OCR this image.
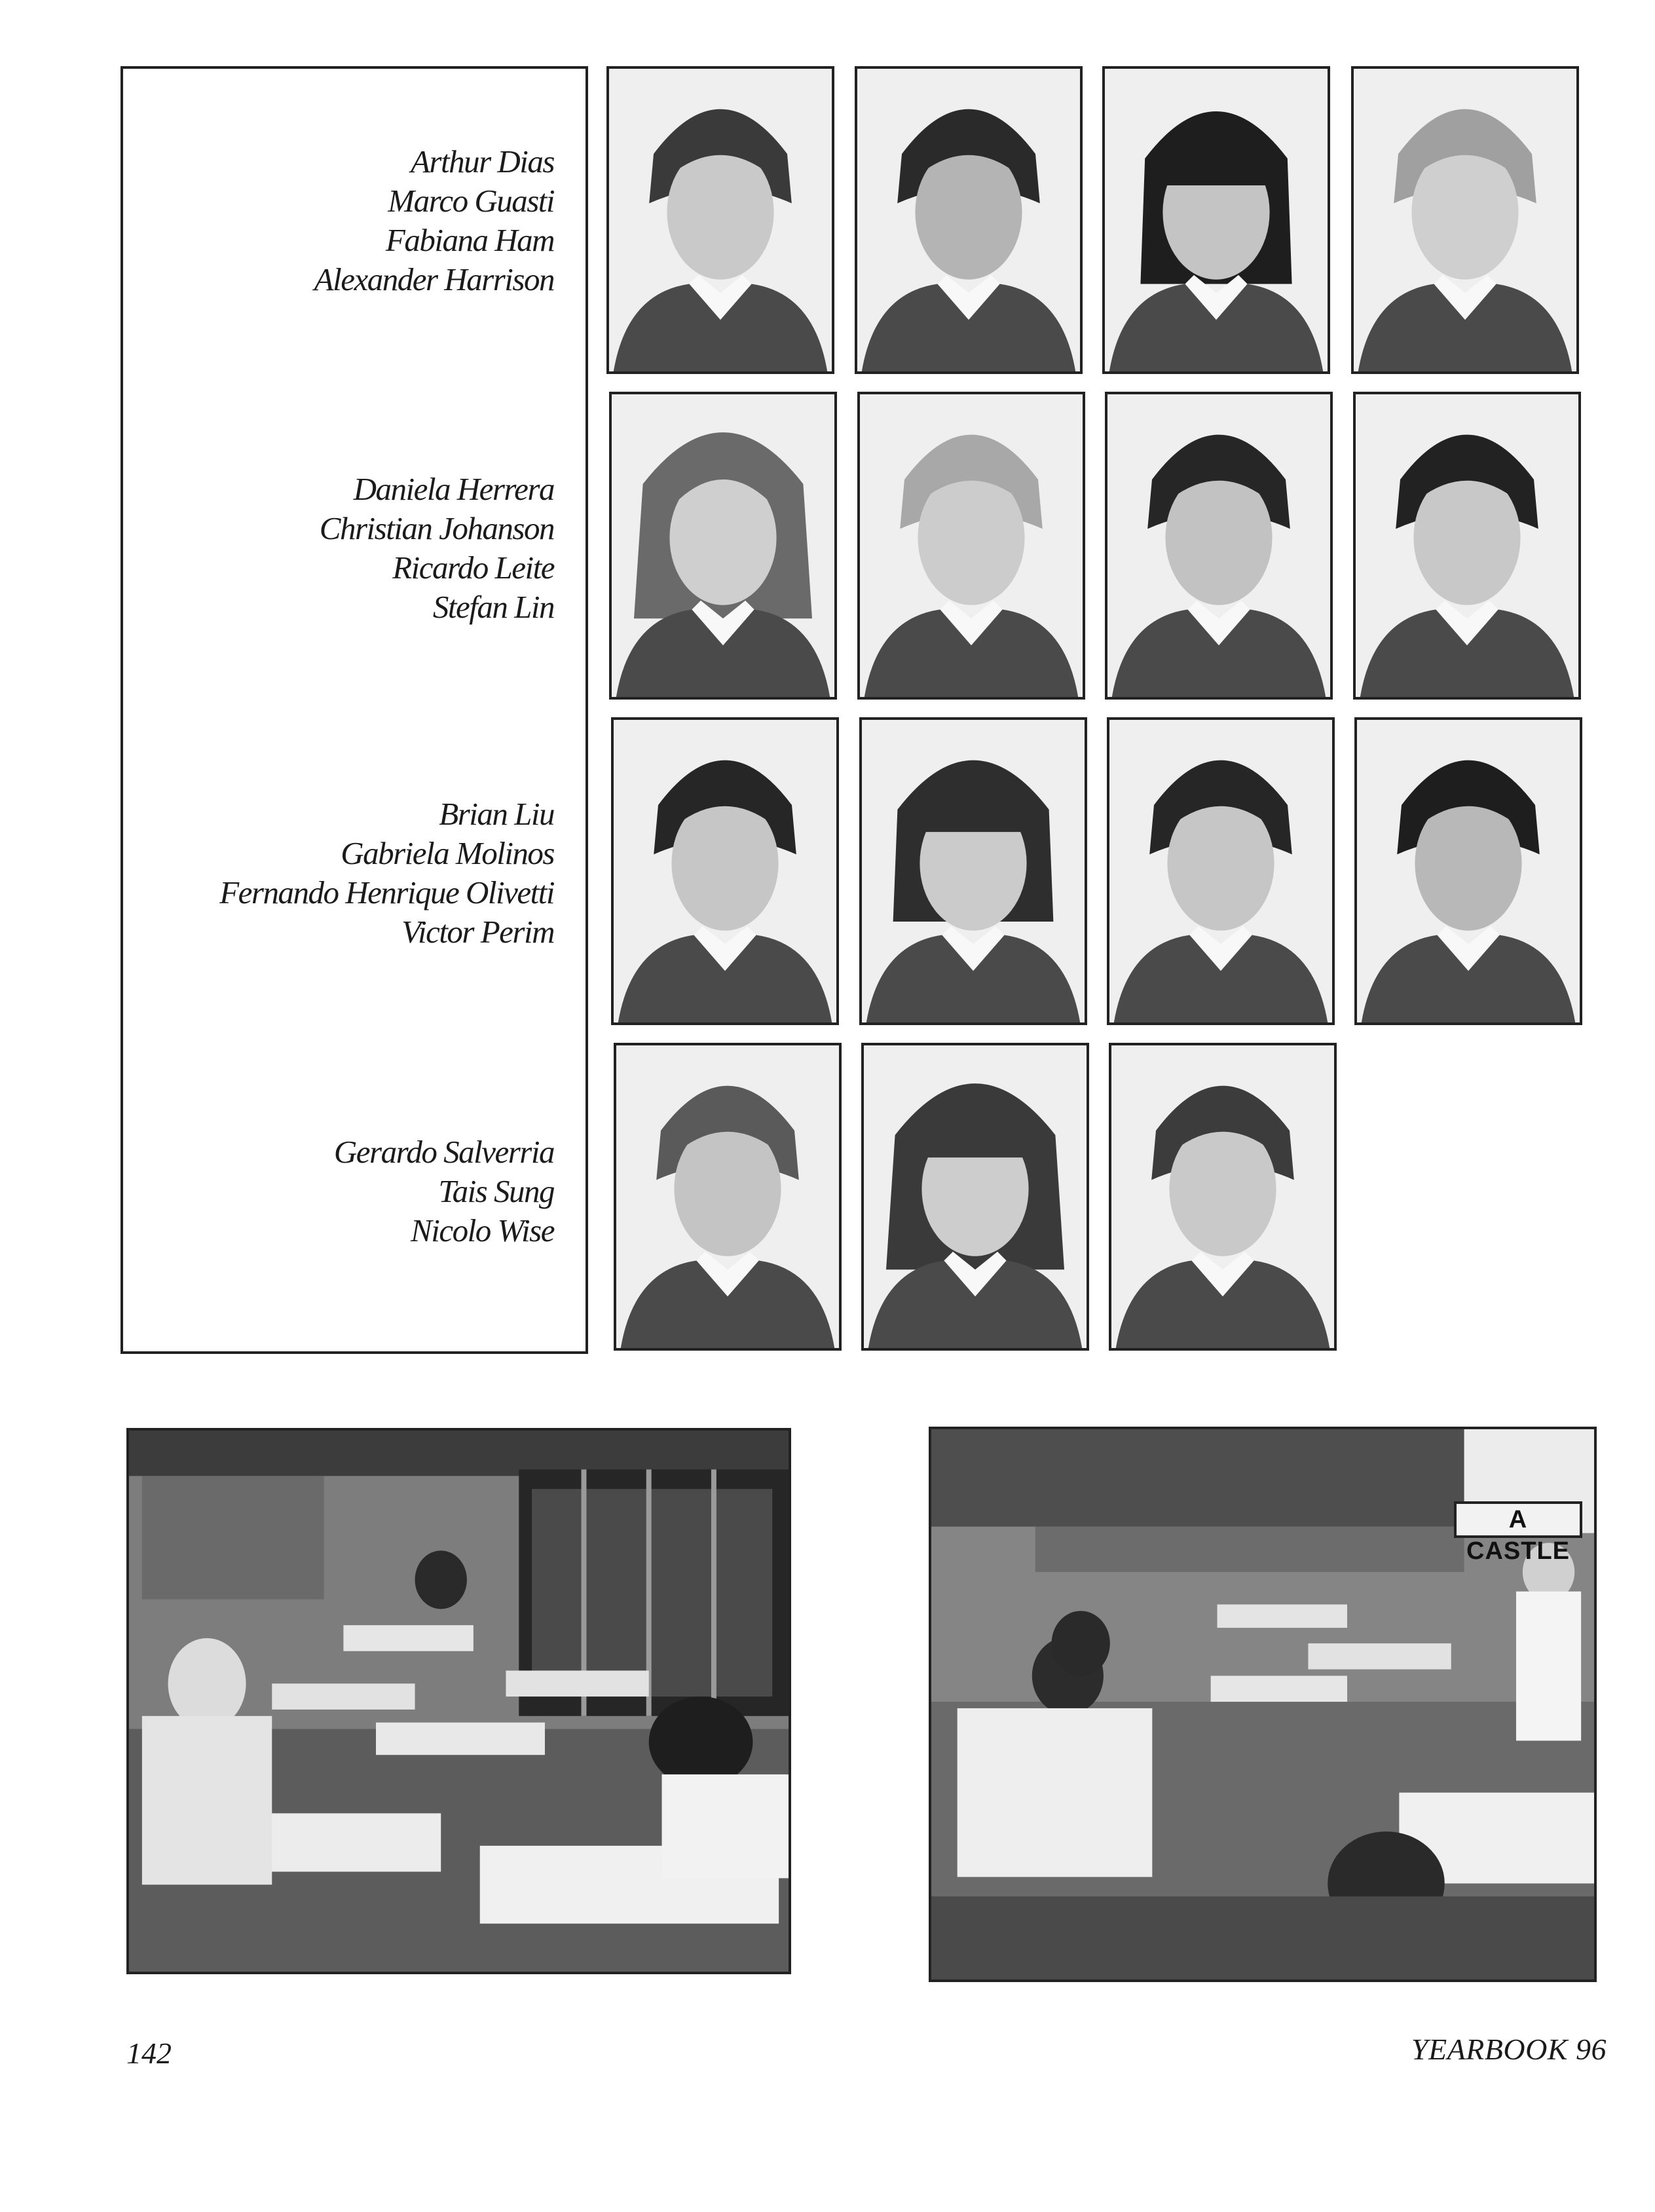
Arthur Dias
Marco Guasti
Fabiana Ham
Alexander Harrison
Daniela Herrera
Christian Johanson
Ricardo Leite
Stefan Lin
Brian Liu
Gabriela Molinos
Fernando Henrique Olivetti
Victor Perim
Gerardo Salverria
Tais Sung
Nicolo Wise
A CASTLE
142	YEARBOOK 96
